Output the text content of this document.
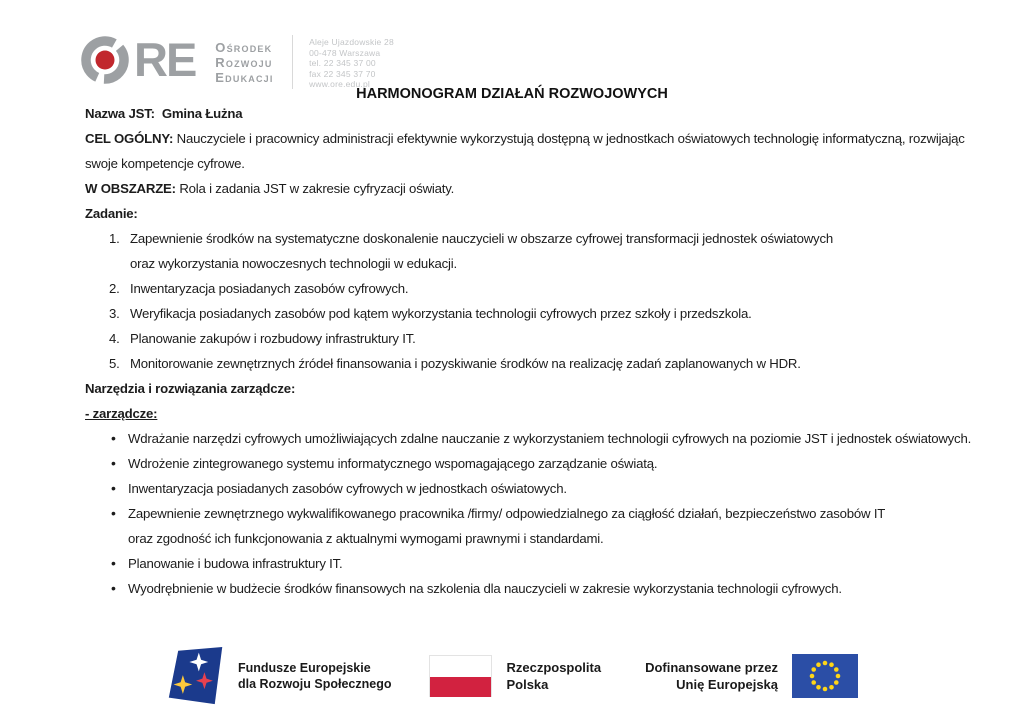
RE Ośrodek
Rozwoju
Edukacji
Aleje Ujazdowskie 28
00-478 Warszawa
tel. 22 345 37 00
fax 22 345 37 70
www.ore.edu.pl
HARMONOGRAM DZIAŁAŃ ROZWOJOWYCH

Nazwa JST: Gmina Łużna

CEL OGÓLNY: Nauczyciele i pracownicy administracji efektywnie wykorzystują dostępną w jednostkach oświatowych technologię informatyczną, rozwijając

swoje kompetencje cyfrowe.

W OBSZARZE: Rola i zadania JST w zakresie cyfryzacji oświaty.

Zadanie:

Zapewnienie środków na systematyczne doskonalenie nauczycieli w obszarze cyfrowej transformacji jednostek oświatowych
oraz wykorzystania nowoczesnych technologii w edukacji.
Inwentaryzacja posiadanych zasobów cyfrowych.
Weryfikacja posiadanych zasobów pod kątem wykorzystania technologii cyfrowych przez szkoły i przedszkola.
Planowanie zakupów i rozbudowy infrastruktury IT.
Monitorowanie zewnętrznych źródeł finansowania i pozyskiwanie środków na realizację zadań zaplanowanych w HDR.

Narzędzia i rozwiązania zarządcze:

- zarządcze:

• Wdrażanie narzędzi cyfrowych umożliwiających zdalne nauczanie z wykorzystaniem technologii cyfrowych na poziomie JST i jednostek oświatowych.
• Wdrożenie zintegrowanego systemu informatycznego wspomagającego zarządzanie oświatą.
• Inwentaryzacja posiadanych zasobów cyfrowych w jednostkach oświatowych.
• Zapewnienie zewnętrznego wykwalifikowanego pracownika /firmy/ odpowiedzialnego za ciągłość działań, bezpieczeństwo zasobów IT
oraz zgodność ich funkcjonowania z aktualnymi wymogami prawnymi i standardami.
• Planowanie i budowa infrastruktury IT.
• Wyodrębnienie w budżecie środków finansowych na szkolenia dla nauczycieli w zakresie wykorzystania technologii cyfrowych.
Fundusze Europejskie
dla Rozwoju Społecznego
Rzeczpospolita
Polska
Dofinansowane przez
Unię Europejską
